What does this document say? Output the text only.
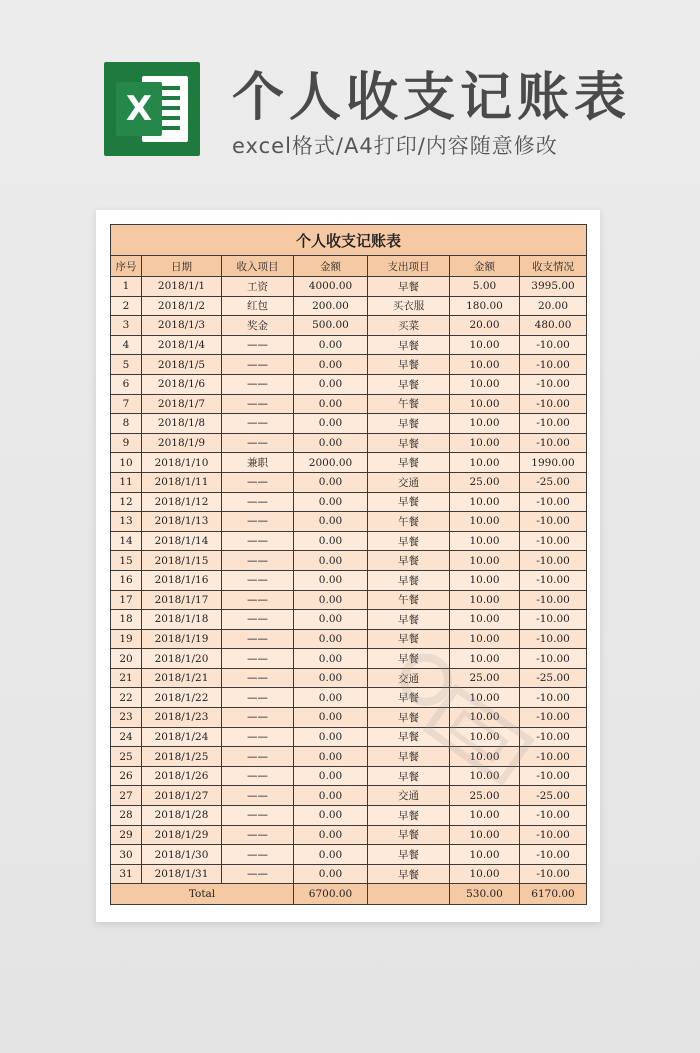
X 个人收支记账表
excel格式/A4打印/内容随意修改
个人收支记账表						
序号	日期	收入项目	金额	支出项目	金额	收支情况
1	2018/1/1	工资	4000.00	早餐	5.00	3995.00
2	2018/1/2	红包	200.00	买衣服	180.00	20.00
3	2018/1/3	奖金	500.00	买菜	20.00	480.00
4	2018/1/4	——	0.00	早餐	10.00	-10.00
5	2018/1/5	——	0.00	早餐	10.00	-10.00
6	2018/1/6	——	0.00	早餐	10.00	-10.00
7	2018/1/7	——	0.00	午餐	10.00	-10.00
8	2018/1/8	——	0.00	早餐	10.00	-10.00
9	2018/1/9	——	0.00	早餐	10.00	-10.00
10	2018/1/10	兼职	2000.00	早餐	10.00	1990.00
11	2018/1/11	——	0.00	交通	25.00	-25.00
12	2018/1/12	——	0.00	早餐	10.00	-10.00
13	2018/1/13	——	0.00	午餐	10.00	-10.00
14	2018/1/14	——	0.00	早餐	10.00	-10.00
15	2018/1/15	——	0.00	早餐	10.00	-10.00
16	2018/1/16	——	0.00	早餐	10.00	-10.00
17	2018/1/17	——	0.00	午餐	10.00	-10.00
18	2018/1/18	——	0.00	早餐	10.00	-10.00
19	2018/1/19	——	0.00	早餐	10.00	-10.00
20	2018/1/20	——	0.00	早餐	10.00	-10.00
21	2018/1/21	——	0.00	交通	25.00	-25.00
22	2018/1/22	——	0.00	早餐	10.00	-10.00
23	2018/1/23	——	0.00	早餐	10.00	-10.00
24	2018/1/24	——	0.00	早餐	10.00	-10.00
25	2018/1/25	——	0.00	早餐	10.00	-10.00
26	2018/1/26	——	0.00	早餐	10.00	-10.00
27	2018/1/27	——	0.00	交通	25.00	-25.00
28	2018/1/28	——	0.00	早餐	10.00	-10.00
29	2018/1/29	——	0.00	早餐	10.00	-10.00
30	2018/1/30	——	0.00	早餐	10.00	-10.00
31	2018/1/31	——	0.00	早餐	10.00	-10.00
Total			6700.00		530.00	6170.00
